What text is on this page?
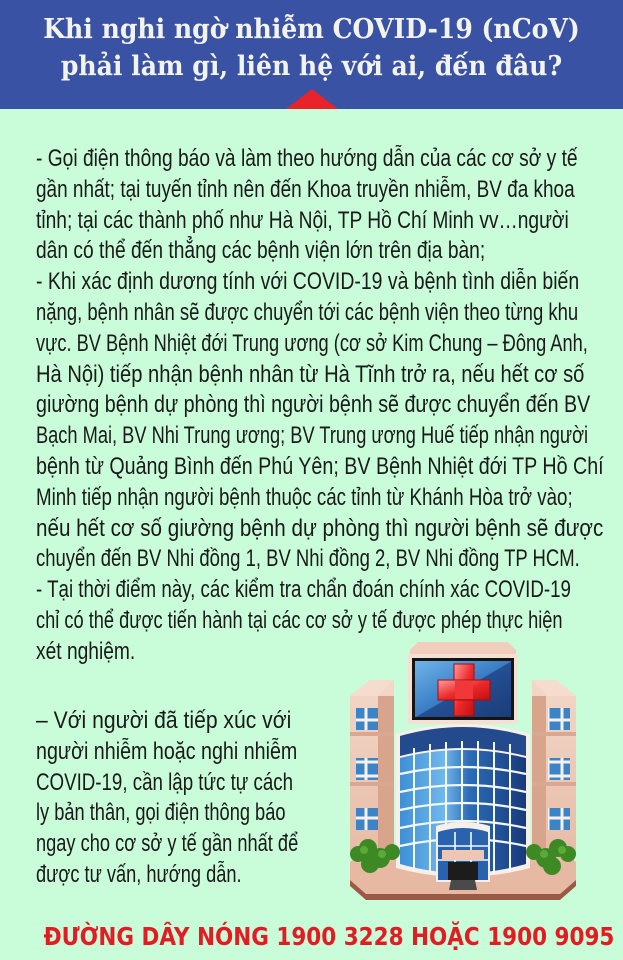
Khi nghi ngờ nhiễm COVID-19 (nCoV)
phải làm gì, liên hệ với ai, đến đâu?
- Gọi điện thông báo và làm theo hướng dẫn của các cơ sở y tế
gần nhất; tại tuyến tỉnh nên đến Khoa truyền nhiễm, BV đa khoa
tỉnh; tại các thành phố như Hà Nội, TP Hồ Chí Minh vv…người
dân có thể đến thẳng các bệnh viện lớn trên địa bàn;
- Khi xác định dương tính với COVID-19 và bệnh tình diễn biến
nặng, bệnh nhân sẽ được chuyển tới các bệnh viện theo từng khu
vực. BV Bệnh Nhiệt đới Trung ương (cơ sở Kim Chung – Đông Anh,
Hà Nội) tiếp nhận bệnh nhân từ Hà Tĩnh trở ra, nếu hết cơ số
giường bệnh dự phòng thì người bệnh sẽ được chuyển đến BV
Bạch Mai, BV Nhi Trung ương; BV Trung ương Huế tiếp nhận người
bệnh từ Quảng Bình đến Phú Yên; BV Bệnh Nhiệt đới TP Hồ Chí
Minh tiếp nhận người bệnh thuộc các tỉnh từ Khánh Hòa trở vào;
nếu hết cơ số giường bệnh dự phòng thì người bệnh sẽ được
chuyển đến BV Nhi đồng 1, BV Nhi đồng 2, BV Nhi đồng TP HCM.
- Tại thời điểm này, các kiểm tra chẩn đoán chính xác COVID-19
chỉ có thể được tiến hành tại các cơ sở y tế được phép thực hiện
xét nghiệm.
– Với người đã tiếp xúc với
người nhiễm hoặc nghi nhiễm
COVID-19, cần lập tức tự cách
ly bản thân, gọi điện thông báo
ngay cho cơ sở y tế gần nhất để
được tư vấn, hướng dẫn.
ĐƯỜNG DÂY NÓNG 1900 3228 HOẶC 1900 9095
